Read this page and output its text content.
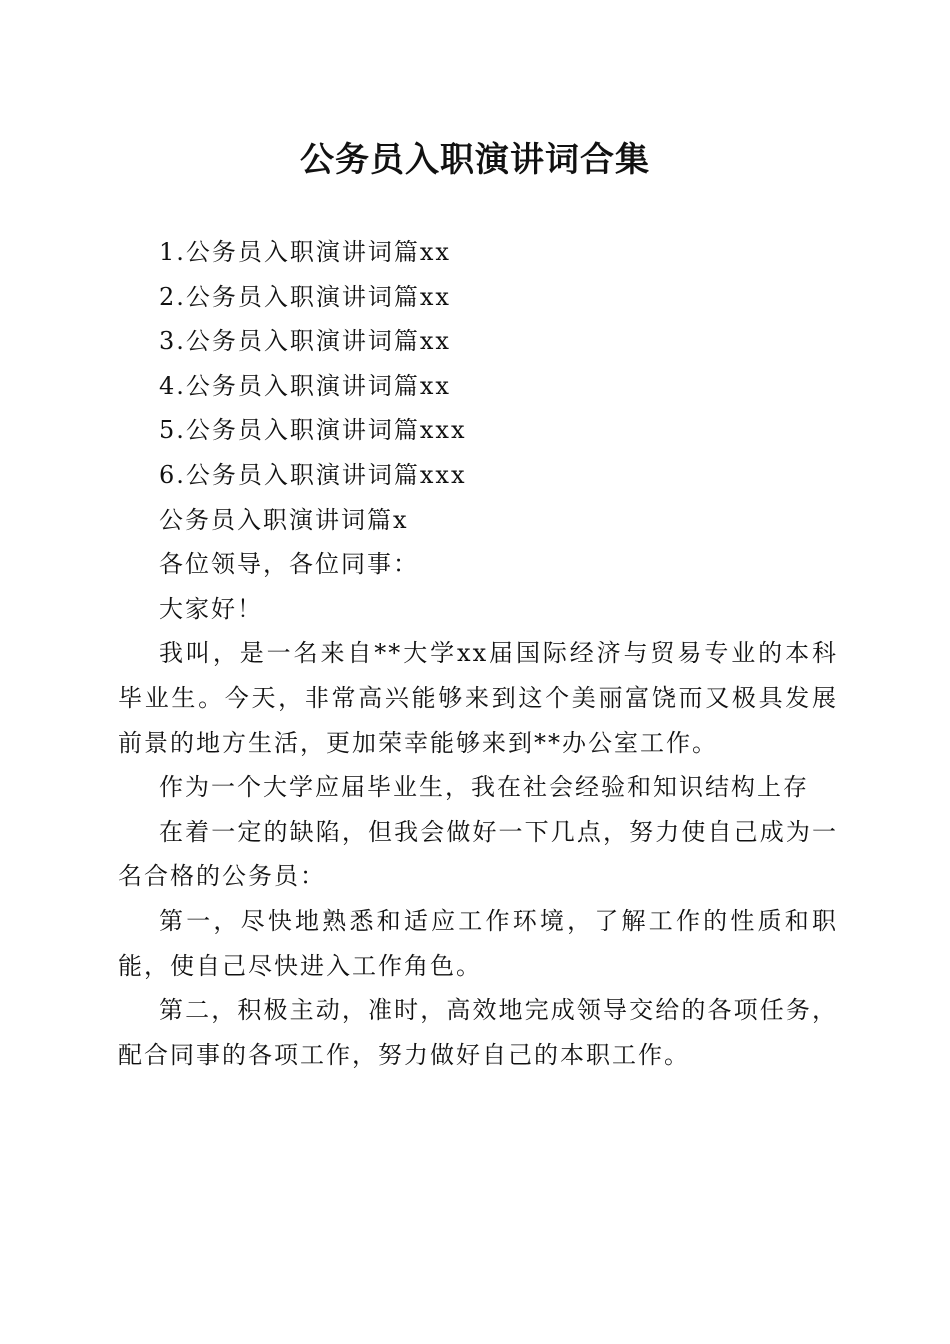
公务员入职演讲词合集

1.公务员入职演讲词篇xx

2.公务员入职演讲词篇xx

3.公务员入职演讲词篇xx

4.公务员入职演讲词篇xx

5.公务员入职演讲词篇xxx

6.公务员入职演讲词篇xxx

公务员入职演讲词篇x

各位领导，各位同事：

大家好！

我叫，是一名来自**大学xx届国际经济与贸易专业的本科毕业生。今天，非常高兴能够来到这个美丽富饶而又极具发展前景的地方生活，更加荣幸能够来到**办公室工作。

作为一个大学应届毕业生，我在社会经验和知识结构上存

在着一定的缺陷，但我会做好一下几点，努力使自己成为一名合格的公务员：

第一，尽快地熟悉和适应工作环境，了解工作的性质和职能，使自己尽快进入工作角色。

第二，积极主动，准时，高效地完成领导交给的各项任务，配合同事的各项工作，努力做好自己的本职工作。
